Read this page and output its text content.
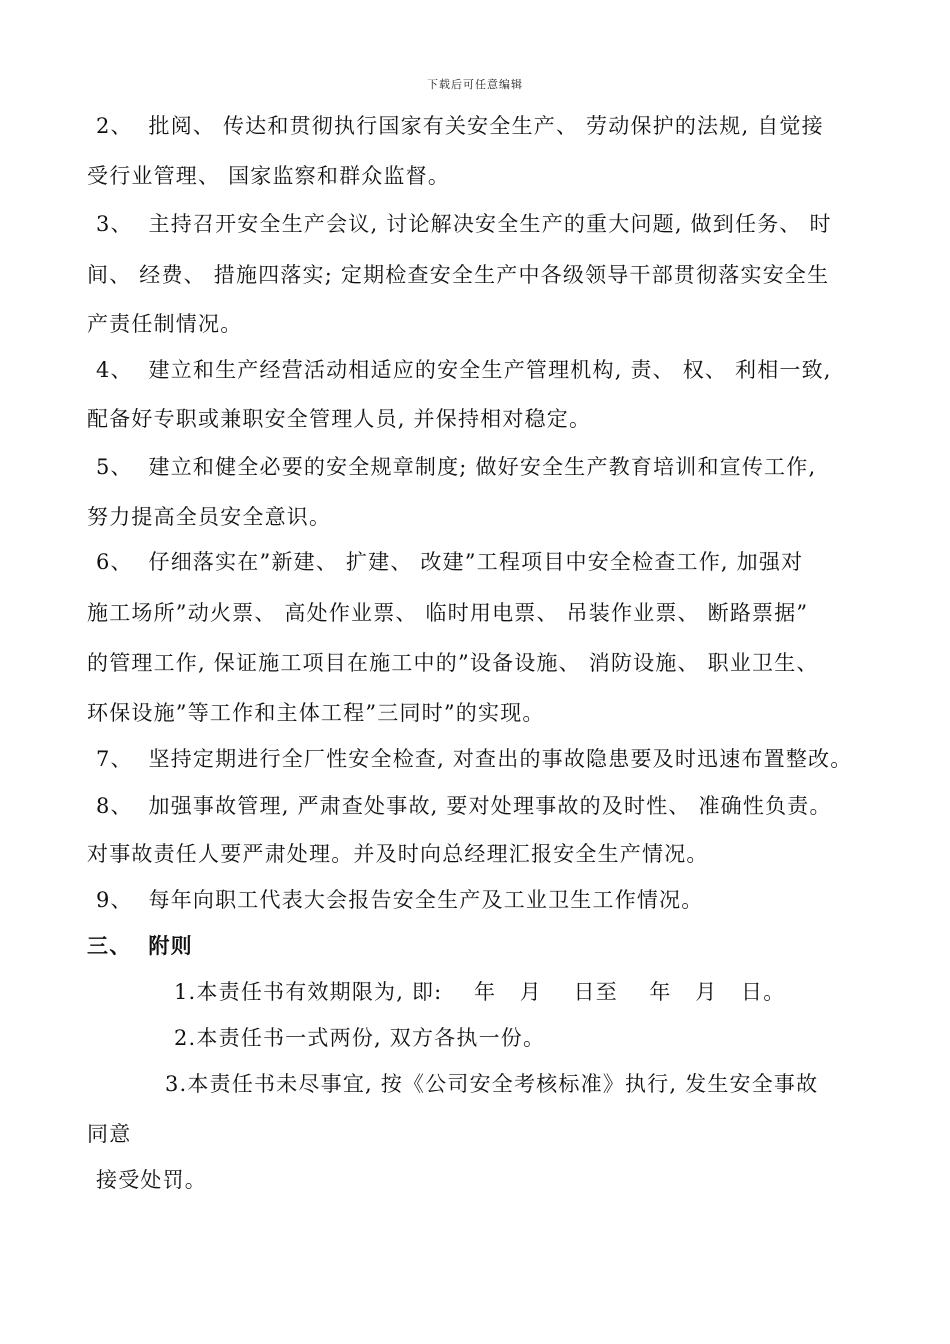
下载后可任意编辑
2、  批阅、 传达和贯彻执行国家有关安全生产、 劳动保护的法规, 自觉接
受行业管理、 国家监察和群众监督。
3、  主持召开安全生产会议, 讨论解决安全生产的重大问题, 做到任务、 时
间、 经费、 措施四落实; 定期检查安全生产中各级领导干部贯彻落实安全生
产责任制情况。
4、  建立和生产经营活动相适应的安全生产管理机构, 责、 权、 利相一致,
配备好专职或兼职安全管理人员, 并保持相对稳定。
5、  建立和健全必要的安全规章制度; 做好安全生产教育培训和宣传工作,
努力提高全员安全意识。
6、  仔细落实在”新建、 扩建、 改建”工程项目中安全检查工作, 加强对
施工场所”动火票、 高处作业票、 临时用电票、 吊装作业票、 断路票据”
的管理工作, 保证施工项目在施工中的”设备设施、 消防设施、 职业卫生、
环保设施”等工作和主体工程”三同时”的实现。
7、  坚持定期进行全厂性安全检查, 对查出的事故隐患要及时迅速布置整改。
8、  加强事故管理, 严肃查处事故, 要对处理事故的及时性、 准确性负责。
对事故责任人要严肃处理。并及时向总经理汇报安全生产情况。
9、  每年向职工代表大会报告安全生产及工业卫生工作情况。
三、  附则
1.本责任书有效期限为, 即:    年   月    日至    年   月   日。
2.本责任书一式两份, 双方各执一份。
3.本责任书未尽事宜, 按《公司安全考核标准》执行, 发生安全事故
同意
接受处罚。
